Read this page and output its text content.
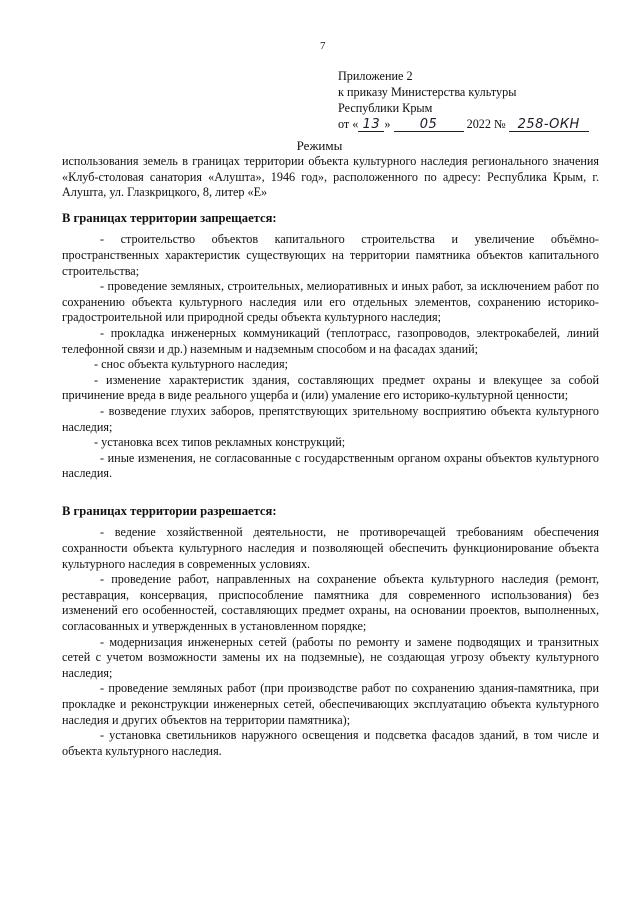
7
Приложение 2
к приказу Министерства культуры
Республики Крым
от « 13 » 05 2022 № 258-ОКН
Режимы

использования земель в границах территории объекта культурного наследия регионального значения «Клуб-столовая санатория «Алушта», 1946 год», расположенного по адресу: Республика Крым, г. Алушта, ул. Глазкрицкого, 8, литер «Е»

В границах территории запрещается:

- строительство объектов капитального строительства и увеличение объёмно-пространственных характеристик существующих на территории памятника объектов капитального строительства;

- проведение земляных, строительных, мелиоративных и иных работ, за исключением работ по сохранению объекта культурного наследия или его отдельных элементов, сохранению историко-градостроительной или природной среды объекта культурного наследия;

- прокладка инженерных коммуникаций (теплотрасс, газопроводов, электрокабелей, линий телефонной связи и др.) наземным и надземным способом и на фасадах зданий;

- снос объекта культурного наследия;

- изменение характеристик здания, составляющих предмет охраны и влекущее за собой причинение вреда в виде реального ущерба и (или) умаление его историко-культурной ценности;

- возведение глухих заборов, препятствующих зрительному восприятию объекта культурного наследия;

- установка всех типов рекламных конструкций;

- иные изменения, не согласованные с государственным органом охраны объектов культурного наследия.

В границах территории разрешается:

- ведение хозяйственной деятельности, не противоречащей требованиям обеспечения сохранности объекта культурного наследия и позволяющей обеспечить функционирование объекта культурного наследия в современных условиях.

- проведение работ, направленных на сохранение объекта культурного наследия (ремонт, реставрация, консервация, приспособление памятника для современного использования) без изменений его особенностей, составляющих предмет охраны, на основании проектов, выполненных, согласованных и утвержденных в установленном порядке;

- модернизация инженерных сетей (работы по ремонту и замене подводящих и транзитных сетей с учетом возможности замены их на подземные), не создающая угрозу объекту культурного наследия;

- проведение земляных работ (при производстве работ по сохранению здания-памятника, при прокладке и реконструкции инженерных сетей, обеспечивающих эксплуатацию объекта культурного наследия и других объектов на территории памятника);

- установка светильников наружного освещения и подсветка фасадов зданий, в том числе и объекта культурного наследия.
